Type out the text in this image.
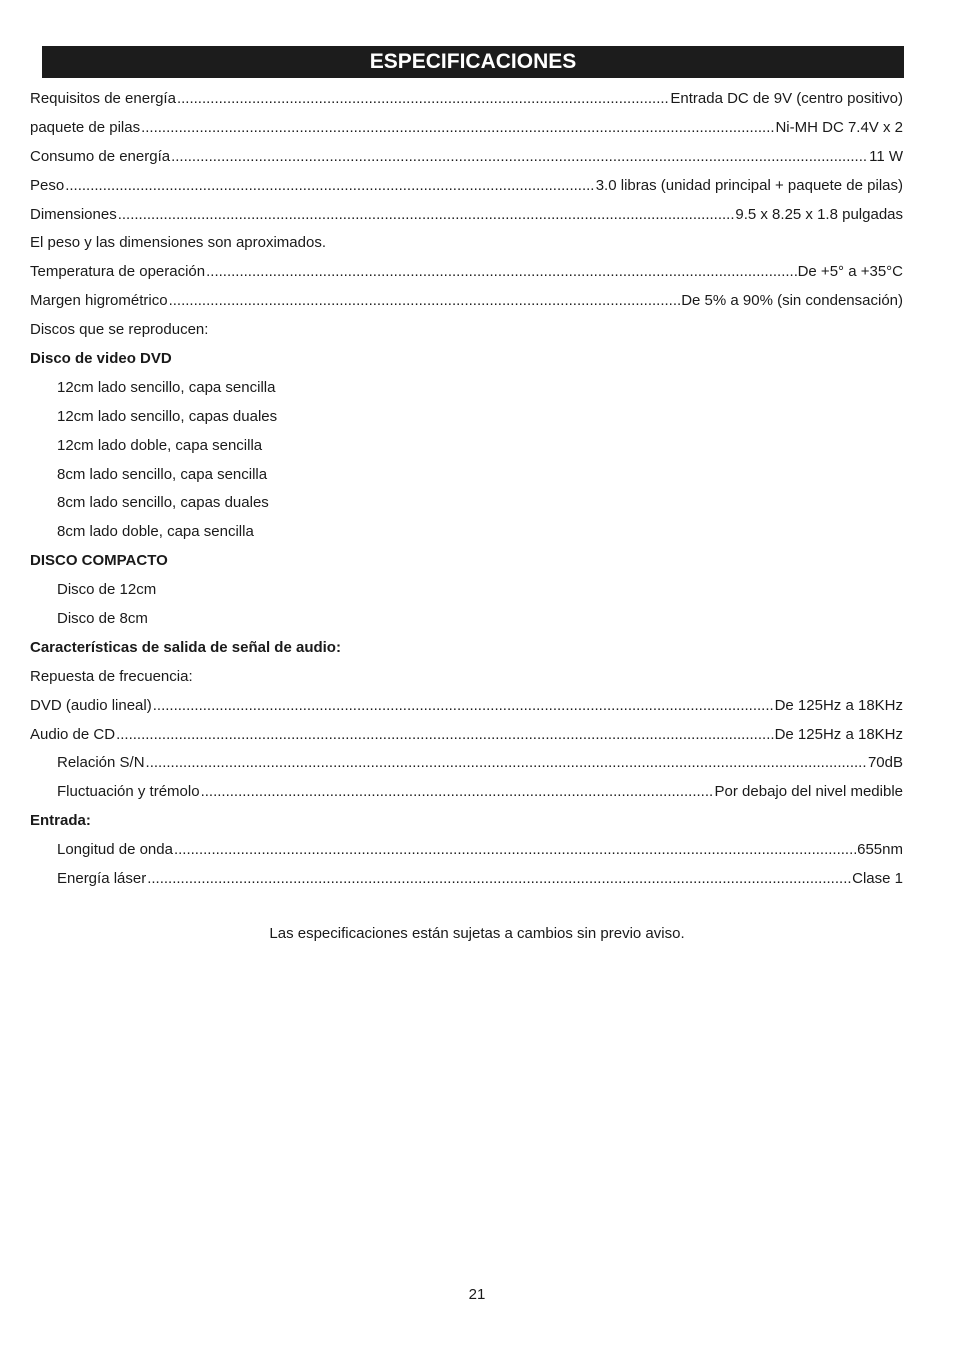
ESPECIFICACIONES
Requisitos de energía .....	Entrada DC de 9V (centro positivo)
paquete de pilas .....	Ni-MH DC 7.4V x 2
Consumo de energía .....	11 W
Peso .....	3.0 libras (unidad principal + paquete de pilas)
Dimensiones .....	9.5 x 8.25 x 1.8 pulgadas
El peso y las dimensiones son aproximados.
Temperatura de operación .....	De +5° a +35°C
Margen higrométrico .....	De 5% a 90% (sin condensación)
Discos que se reproducen:
Disco de video DVD
12cm lado sencillo, capa sencilla
12cm lado sencillo, capas duales
12cm lado doble, capa sencilla
8cm lado sencillo, capa sencilla
8cm lado sencillo, capas duales
8cm lado doble, capa sencilla
DISCO COMPACTO
Disco de 12cm
Disco de 8cm
Características de salida de señal de audio:
Repuesta de frecuencia:
DVD (audio lineal) .....	De 125Hz a 18KHz
Audio de CD .....	De 125Hz a 18KHz
Relación S/N .....	70dB
Fluctuación y trémolo .....	Por debajo del nivel medible
Entrada:
Longitud de onda .....	655nm
Energía láser .....	Clase 1
Las especificaciones están sujetas a cambios sin previo aviso.
21
